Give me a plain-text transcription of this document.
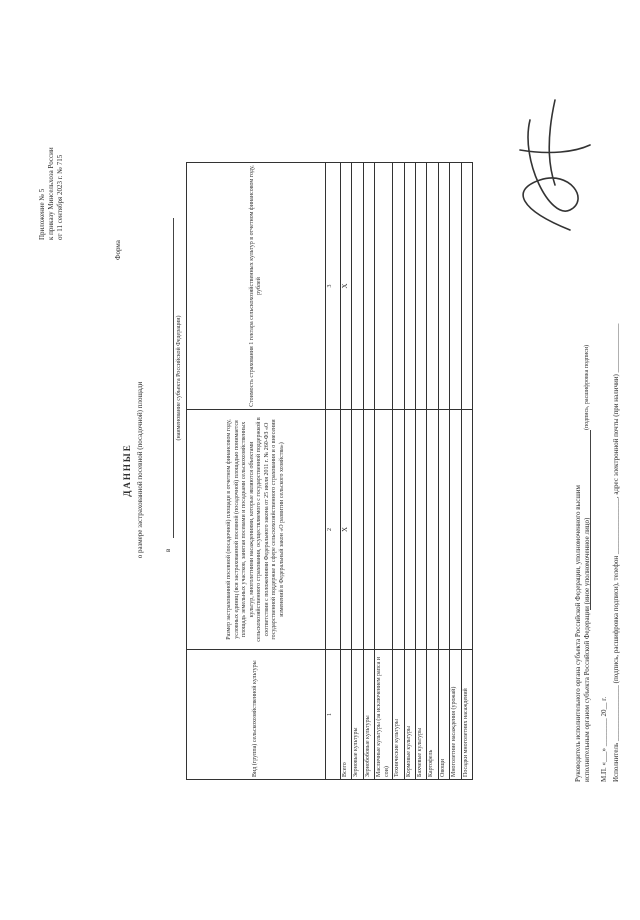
Приложение № 5 к приказу Минсельхоза России от 11 сентября 2023 г. № 715
Форма
ДАННЫЕ о размере застрахованной посевной (посадочной) площади	в
(наименование субъекта Российской Федерации)
Вид (группа) сельскохозяйственной культуры	Размер застрахованной посевной (посадочной) площади в отчетном финансовом году, условных единиц (вся застрахованной посевной (посадочной) площадью понимается площадь земельных участков, занятая посевами и посадками сельскохозяйственных культур, многолетними насаждениями, которые являются объектами сельскохозяйственного страхования, осуществляемого с государственной поддержкой в соответствии с положениями Федерального закона от 25 июля 2011 г. № 260-ФЗ «О государственной поддержке в сфере сельскохозяйственного страхования и о внесении изменений в Федеральный закон «О развитии сельского хозяйства»)	Стоимость страхования 1 гектара сельскохозяйственных культур в отчетном финансовом году, рублей
1	2	3
Всего	X	X
Зерновые культуры		
Зернобобовые культуры		
Масличные культуры (за исключением рапса и сои)		
Технические культуры		
Кормовые культуры		
Бахчевые культуры		
Картофель		
Овощи		
Многолетние насаждения (урожай)		
Посадки многолетних насаждений			Руководитель исполнительного органа субъекта Российской Федерации, уполномоченного высшим исполнительным органом субъекта Российской Федерации (иное уполномоченное лицо)
(подпись, расшифровка подписи)
М.П. «___» ________ 20__ г. Исполнитель ________________ (подпись, расшифровка подписи), телефон ________________, адрес электронной почты (при наличии) ______________
